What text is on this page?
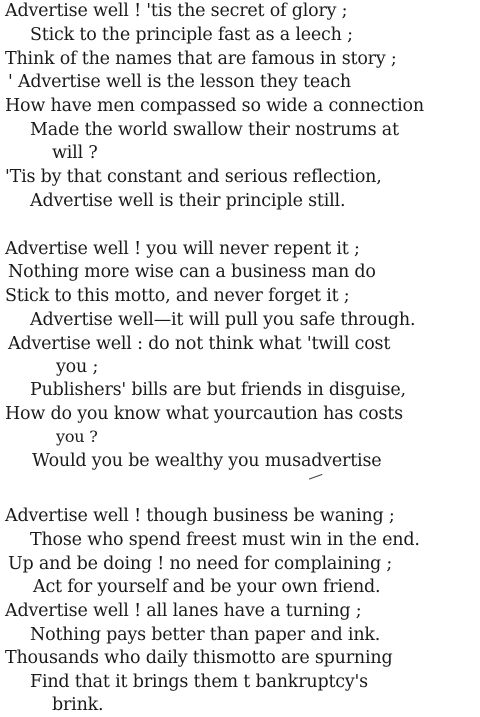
Advertise well ! 'tis the secret of glory ;
Stick to the principle fast as a leech ;
Think of the names that are famous in story ;
' Advertise well is the lesson they teach
How have men compassed so wide a connection
Made the world swallow their nostrums at
will ?
'Tis by that constant and serious reflection,
Advertise well is their principle still.
Advertise well ! you will never repent it ;
Nothing more wise can a business man do
Stick to this motto, and never forget it ;
Advertise well—it will pull you safe through.
Advertise well : do not think what 'twill cost
you ;
Publishers' bills are but friends in disguise,
How do you know what yourcaution has costs
you ?
Would you be wealthy you musadvertise
Advertise well ! though business be waning ;
Those who spend freest must win in the end.
Up and be doing ! no need for complaining ;
Act for yourself and be your own friend.
Advertise well ! all lanes have a turning ;
Nothing pays better than paper and ink.
Thousands who daily thismotto are spurning
Find that it brings them t bankruptcy's
brink.
